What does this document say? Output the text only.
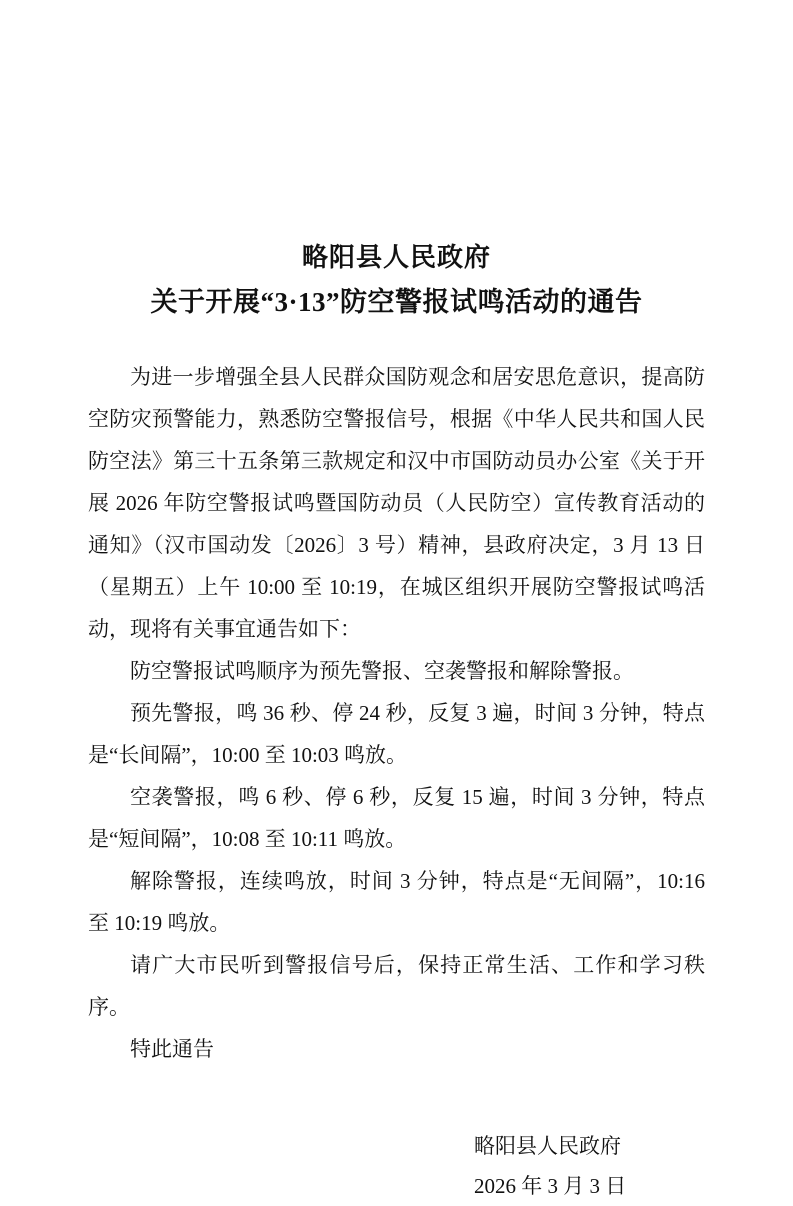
略阳县人民政府
关于开展“3·13”防空警报试鸣活动的通告

为进一步增强全县人民群众国防观念和居安思危意识，提高防空防灾预警能力，熟悉防空警报信号，根据《中华人民共和国人民防空法》第三十五条第三款规定和汉中市国防动员办公室《关于开展 2026 年防空警报试鸣暨国防动员（人民防空）宣传教育活动的通知》（汉市国动发〔2026〕3 号）精神，县政府决定，3 月 13 日（星期五）上午 10:00 至 10:19，在城区组织开展防空警报试鸣活动，现将有关事宜通告如下：

防空警报试鸣顺序为预先警报、空袭警报和解除警报。

预先警报，鸣 36 秒、停 24 秒，反复 3 遍，时间 3 分钟，特点是“长间隔”，10:00 至 10:03 鸣放。

空袭警报，鸣 6 秒、停 6 秒，反复 15 遍，时间 3 分钟，特点是“短间隔”，10:08 至 10:11 鸣放。

解除警报，连续鸣放，时间 3 分钟，特点是“无间隔”，10:16 至 10:19 鸣放。

请广大市民听到警报信号后，保持正常生活、工作和学习秩序。

特此通告

略阳县人民政府
2026 年 3 月 3 日
